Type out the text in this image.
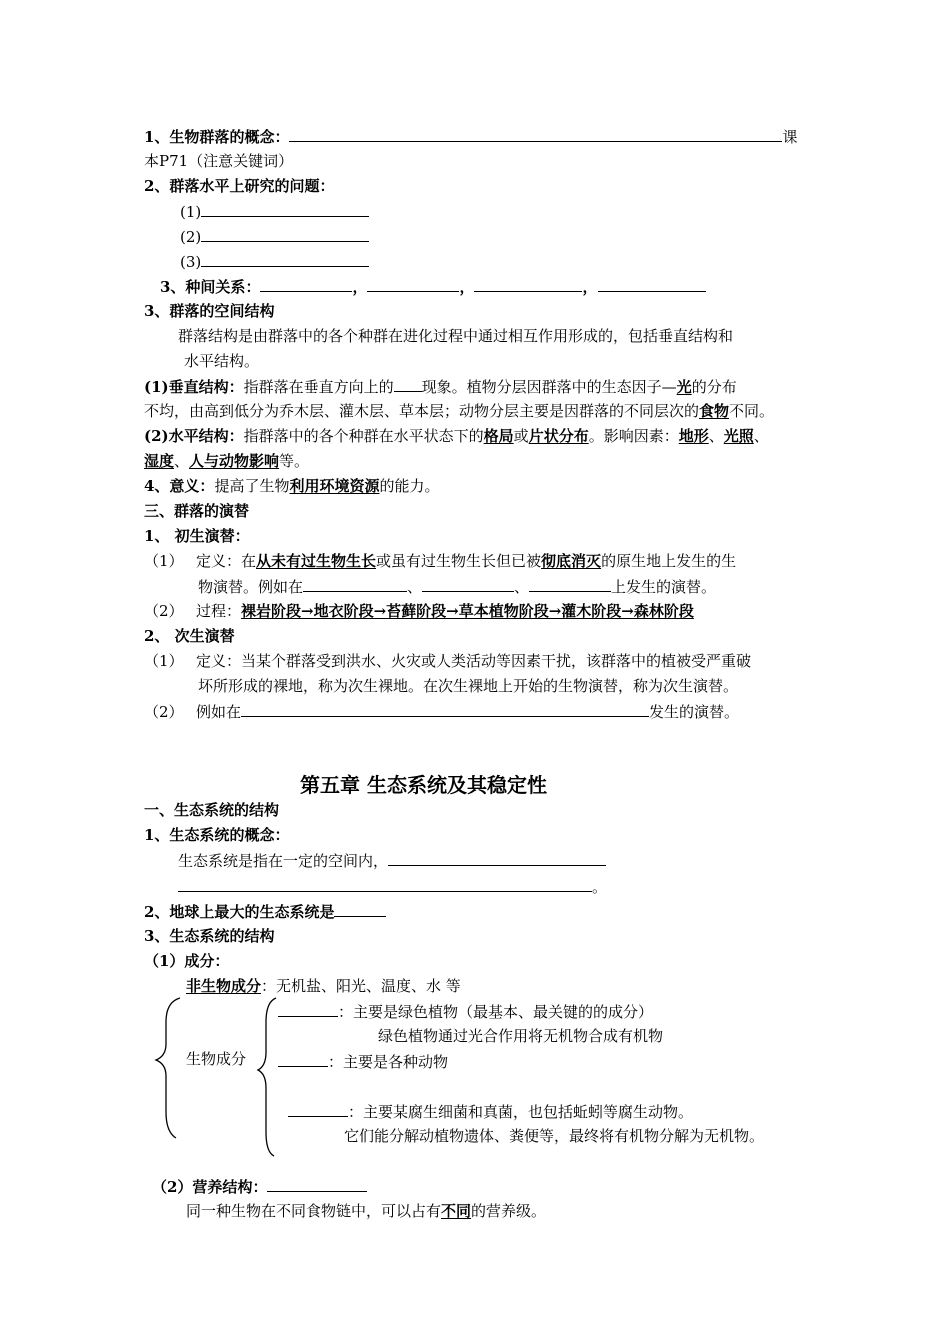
1、生物群落的概念：	课
本P71（注意关键词）
2、群落水平上研究的问题：
(1)
(2)
(3)
3、种间关系：	，	，	，
3、群落的空间结构
群落结构是由群落中的各个种群在进化过程中通过相互作用形成的，包括垂直结构和
水平结构。
(1)垂直结构：指群落在垂直方向上的 现象。植物分层因群落中的生态因子—光的分布
不均，由高到低分为乔木层、灌木层、草本层；动物分层主要是因群落的不同层次的食物不同。
(2)水平结构：指群落中的各个种群在水平状态下的格局或片状分布。影响因素：地形、光照、
湿度、人与动物影响等。
4、意义：提高了生物利用环境资源的能力。
三、群落的演替
1、 初生演替：
（1） 定义：在从未有过生物生长或虽有过生物生长但已被彻底消灭的原生地上发生的生
物演替。例如在	、	、	上发生的演替。
（2） 过程：裸岩阶段→地衣阶段→苔藓阶段→草本植物阶段→灌木阶段→森林阶段
2、 次生演替
（1） 定义：当某个群落受到洪水、火灾或人类活动等因素干扰，该群落中的植被受严重破
坏所形成的裸地，称为次生裸地。在次生裸地上开始的生物演替，称为次生演替。
（2） 例如在	发生的演替。
第五章 生态系统及其稳定性
一、生态系统的结构
1、生态系统的概念：
生态系统是指在一定的空间内，
。
2、地球上最大的生态系统是
3、生态系统的结构
（1）成分：
非生物成分：无机盐、阳光、温度、水 等
生物成分
：主要是绿色植物（最基本、最关键的的成分）
绿色植物通过光合作用将无机物合成有机物
：主要是各种动物
：主要某腐生细菌和真菌，也包括蚯蚓等腐生动物。
它们能分解动植物遗体、粪便等，最终将有机物分解为无机物。
（2）营养结构：
同一种生物在不同食物链中，可以占有不同的营养级。
